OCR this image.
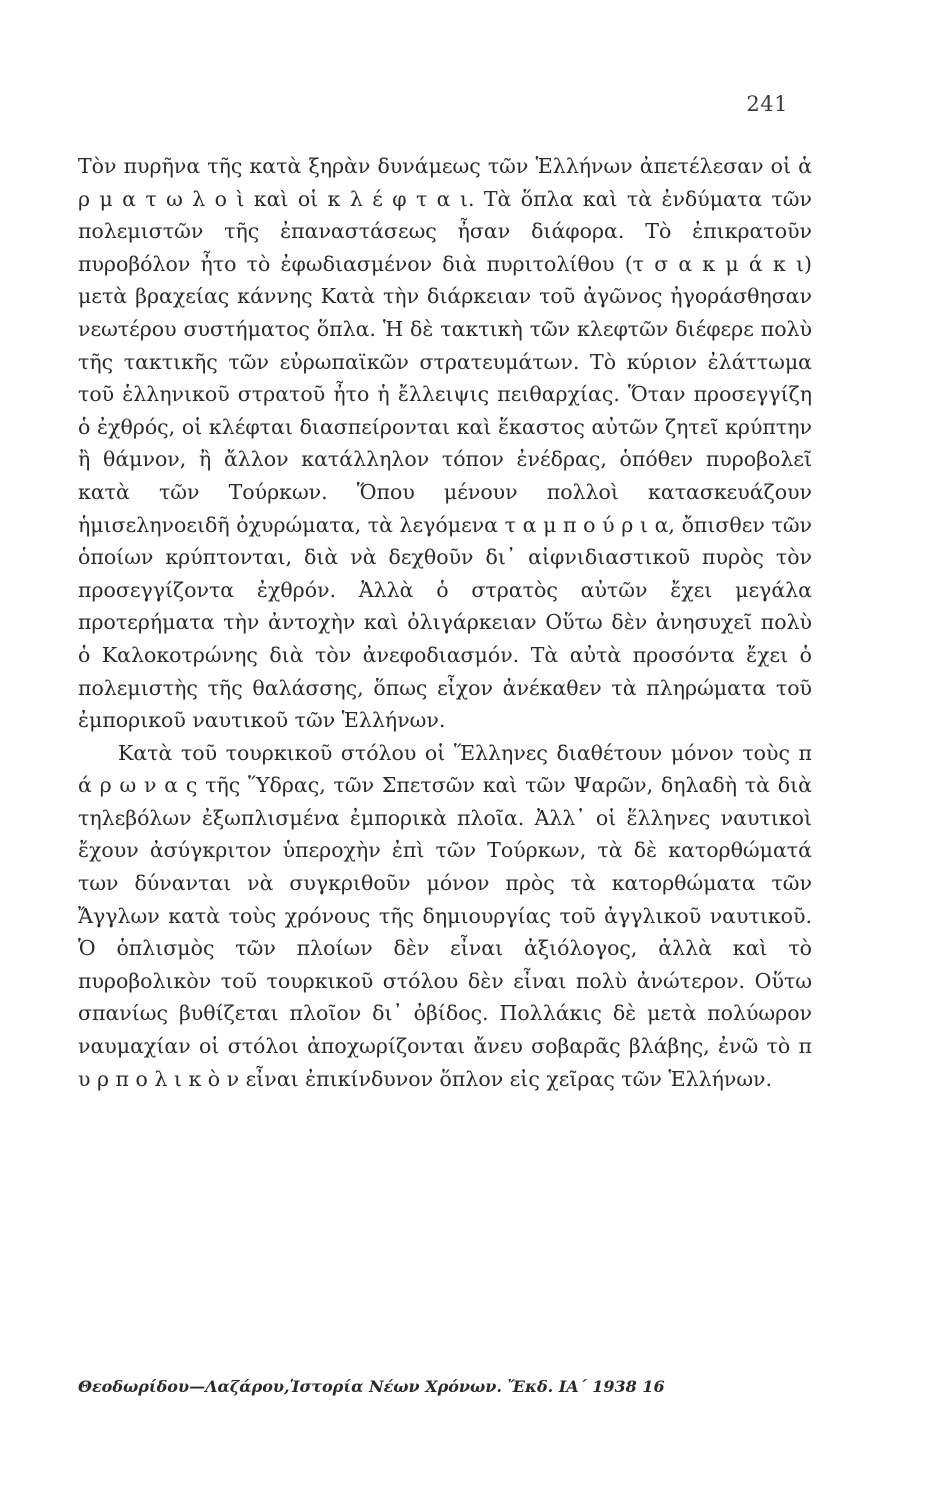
241

Τὸν πυρῆνα τῆς κατὰ ξηρὰν δυνάμεως τῶν Ἑλλήνων ἀπετέλεσαν οἱ ἁ ρ μ α τ ω λ ο ὶ καὶ οἱ κ λ έ φ τ α ι. Τὰ ὅπλα καὶ τὰ ἐνδύματα τῶν πολεμιστῶν τῆς ἐπαναστάσεως ἦσαν διάφορα. Τὸ ἐπικρατοῦν πυροβόλον ἦτο τὸ ἐφωδιασμένον διὰ πυριτολίθου (τ σ α κ μ ά κ ι) μετὰ βραχείας κάννης Κατὰ τὴν διάρκειαν τοῦ ἀγῶνος ἠγοράσθησαν νεωτέρου συστήματος ὅπλα. Ἡ δὲ τακτικὴ τῶν κλεφτῶν διέφερε πολὺ τῆς τακτικῆς τῶν εὐρωπαϊκῶν στρατευμάτων. Τὸ κύριον ἐλάττωμα τοῦ ἑλληνικοῦ στρατοῦ ἦτο ἡ ἔλλειψις πειθαρχίας. Ὅταν προσεγγίζη ὁ ἐχθρός, οἱ κλέφται διασπείρονται καὶ ἕκαστος αὐτῶν ζητεῖ κρύπτην ἢ θάμνον, ἢ ἄλλον κατάλληλον τόπον ἐνέδρας, ὁπόθεν πυροβολεῖ κατὰ τῶν Τούρκων. Ὅπου μένουν πολλοὶ κατασκευάζουν ἡμισεληνοειδῆ ὀχυρώματα, τὰ λεγόμενα τ α μ π ο ύ ρ ι α, ὄπισθεν τῶν ὁποίων κρύπτονται, διὰ νὰ δεχθοῦν δι᾿ αἰφνιδιαστικοῦ πυρὸς τὸν προσεγγίζοντα ἐχθρόν. Ἀλλὰ ὁ στρατὸς αὐτῶν ἔχει μεγάλα προτερήματα τὴν ἀντοχὴν καὶ ὀλιγάρκειαν Οὕτω δὲν ἀνησυχεῖ πολὺ ὁ Καλοκοτρώνης διὰ τὸν ἀνεφοδιασμόν. Τὰ αὐτὰ προσόντα ἔχει ὁ πολεμιστὴς τῆς θαλάσσης, ὅπως εἶχον ἀνέκαθεν τὰ πληρώματα τοῦ ἐμπορικοῦ ναυτικοῦ τῶν Ἑλλήνων.

Κατὰ τοῦ τουρκικοῦ στόλου οἱ Ἕλληνες διαθέτουν μόνον τοὺς π ά ρ ω ν α ς τῆς Ὕδρας, τῶν Σπετσῶν καὶ τῶν Ψαρῶν, δηλαδὴ τὰ διὰ τηλεβόλων ἐξωπλισμένα ἐμπορικὰ πλοῖα. Ἀλλ᾿ οἱ ἕλληνες ναυτικοὶ ἔχουν ἀσύγκριτον ὑπεροχὴν ἐπὶ τῶν Τούρκων, τὰ δὲ κατορθώματά των δύνανται νὰ συγκριθοῦν μόνον πρὸς τὰ κατορθώματα τῶν Ἄγγλων κατὰ τοὺς χρόνους τῆς δημιουργίας τοῦ ἀγγλικοῦ ναυτικοῦ. Ὁ ὁπλισμὸς τῶν πλοίων δὲν εἶναι ἀξιόλογος, ἀλλὰ καὶ τὸ πυροβολικὸν τοῦ τουρκικοῦ στόλου δὲν εἶναι πολὺ ἀνώτερον. Οὕτω σπανίως βυθίζεται πλοῖον δι᾿ ὀβίδος. Πολλάκις δὲ μετὰ πολύωρον ναυμαχίαν οἱ στόλοι ἀποχωρίζονται ἄνευ σοβαρᾶς βλάβης, ἐνῶ τὸ π υ ρ π ο λ ι κ ὸ ν εἶναι ἐπικίνδυνον ὅπλον εἰς χεῖρας τῶν Ἑλλήνων.

Θεοδωρίδου—Λαζάρου,Ἱστορία Νέων Χρόνων. Ἔκδ. ΙΑ΄ 1938 16
